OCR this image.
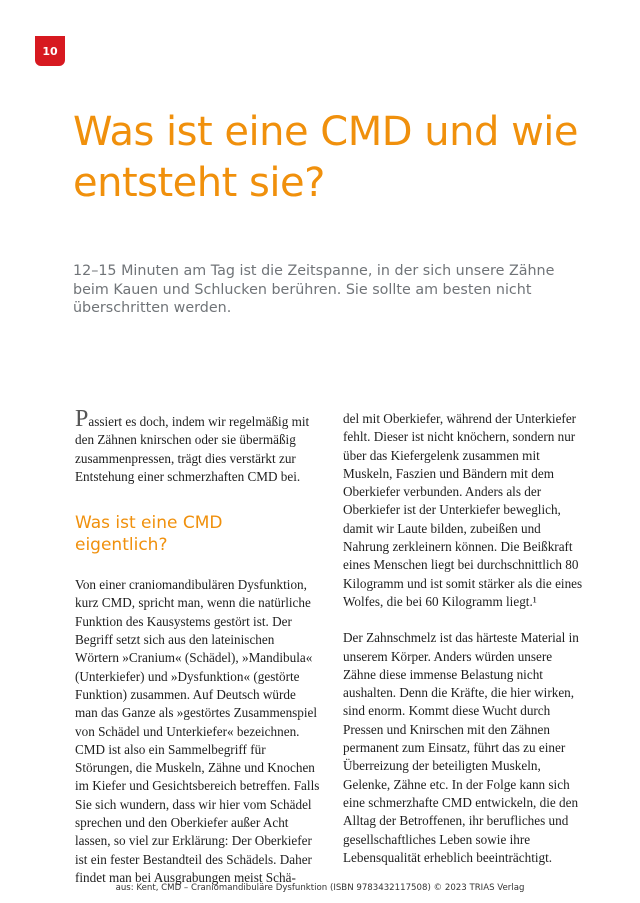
10
Was ist eine CMD und wie entsteht sie?

12–15 Minuten am Tag ist die Zeitspanne, in der sich unsere Zähne beim Kauen und Schlucken berühren. Sie sollte am besten nicht überschritten werden.

Passiert es doch, indem wir regelmäßig mit den Zähnen knirschen oder sie übermäßig zusammenpressen, trägt dies verstärkt zur Entstehung einer schmerzhaften CMD bei.

Was ist eine CMD eigentlich?

Von einer craniomandibulären Dysfunktion, kurz CMD, spricht man, wenn die natürliche Funktion des Kausystems gestört ist. Der Begriff setzt sich aus den lateinischen Wörtern »Cranium« (Schädel), »Mandibula« (Unterkiefer) und »Dysfunktion« (gestörte Funktion) zusammen. Auf Deutsch würde man das Ganze als »gestörtes Zusammenspiel von Schädel und Unterkiefer« bezeichnen. CMD ist also ein Sammelbegriff für Störungen, die Muskeln, Zähne und Knochen im Kiefer und Gesichtsbereich betreffen. Falls Sie sich wundern, dass wir hier vom Schädel sprechen und den Oberkiefer außer Acht lassen, so viel zur Erklärung: Der Oberkiefer ist ein fester Bestandteil des Schädels. Daher findet man bei Ausgrabungen meist Schä-

del mit Oberkiefer, während der Unterkiefer fehlt. Dieser ist nicht knöchern, sondern nur über das Kiefergelenk zusammen mit Muskeln, Faszien und Bändern mit dem Oberkiefer verbunden. Anders als der Oberkiefer ist der Unterkiefer beweglich, damit wir Laute bilden, zubeißen und Nahrung zerkleinern können. Die Beißkraft eines Menschen liegt bei durchschnittlich 80 Kilogramm und ist somit stärker als die eines Wolfes, die bei 60 Kilogramm liegt.¹

Der Zahnschmelz ist das härteste Material in unserem Körper. Anders würden unsere Zähne diese immense Belastung nicht aushalten. Denn die Kräfte, die hier wirken, sind enorm. Kommt diese Wucht durch Pressen und Knirschen mit den Zähnen permanent zum Einsatz, führt das zu einer Überreizung der beteiligten Muskeln, Gelenke, Zähne etc. In der Folge kann sich eine schmerzhafte CMD entwickeln, die den Alltag der Betroffenen, ihr berufliches und gesellschaftliches Leben sowie ihre Lebensqualität erheblich beeinträchtigt.

aus: Kent, CMD – Craniomandibuläre Dysfunktion (ISBN 9783432117508) © 2023 TRIAS Verlag
